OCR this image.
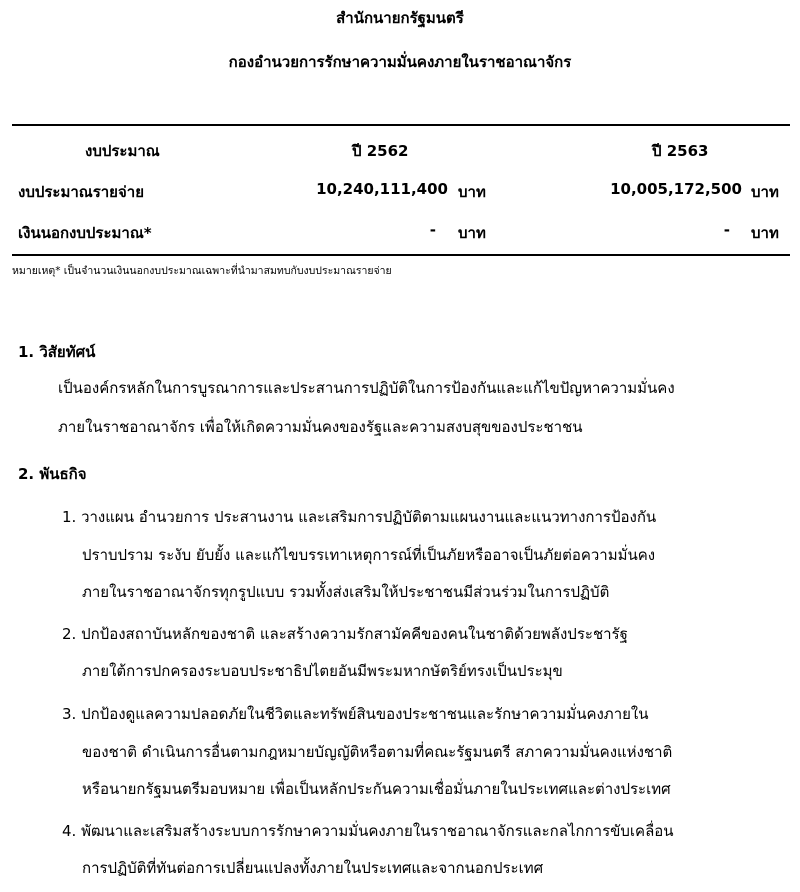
สำนักนายกรัฐมนตรี
กองอำนวยการรักษาความมั่นคงภายในราชอาณาจักร
งบประมาณ	ปี 2562	ปี 2563
งบประมาณรายจ่าย	10,240,111,400 บาท	10,005,172,500 บาท
เงินนอกงบประมาณ*	- บาท	- บาท
หมายเหตุ* เป็นจำนวนเงินนอกงบประมาณเฉพาะที่นำมาสมทบกับงบประมาณรายจ่าย
1. วิสัยทัศน์
เป็นองค์กรหลักในการบูรณาการและประสานการปฏิบัติในการป้องกันและแก้ไขปัญหาความมั่นคง
ภายในราชอาณาจักร เพื่อให้เกิดความมั่นคงของรัฐและความสงบสุขของประชาชน
2. พันธกิจ
1. วางแผน อำนวยการ ประสานงาน และเสริมการปฏิบัติตามแผนงานและแนวทางการป้องกัน
ปราบปราม ระงับ ยับยั้ง และแก้ไขบรรเทาเหตุการณ์ที่เป็นภัยหรืออาจเป็นภัยต่อความมั่นคง
ภายในราชอาณาจักรทุกรูปแบบ รวมทั้งส่งเสริมให้ประชาชนมีส่วนร่วมในการปฏิบัติ
2. ปกป้องสถาบันหลักของชาติ และสร้างความรักสามัคคีของคนในชาติด้วยพลังประชารัฐ
ภายใต้การปกครองระบอบประชาธิปไตยอันมีพระมหากษัตริย์ทรงเป็นประมุข
3. ปกป้องดูแลความปลอดภัยในชีวิตและทรัพย์สินของประชาชนและรักษาความมั่นคงภายใน
ของชาติ ดำเนินการอื่นตามกฎหมายบัญญัติหรือตามที่คณะรัฐมนตรี สภาความมั่นคงแห่งชาติ
หรือนายกรัฐมนตรีมอบหมาย เพื่อเป็นหลักประกันความเชื่อมั่นภายในประเทศและต่างประเทศ
4. พัฒนาและเสริมสร้างระบบการรักษาความมั่นคงภายในราชอาณาจักรและกลไกการขับเคลื่อน
การปฏิบัติที่ทันต่อการเปลี่ยนแปลงทั้งภายในประเทศและจากนอกประเทศ
